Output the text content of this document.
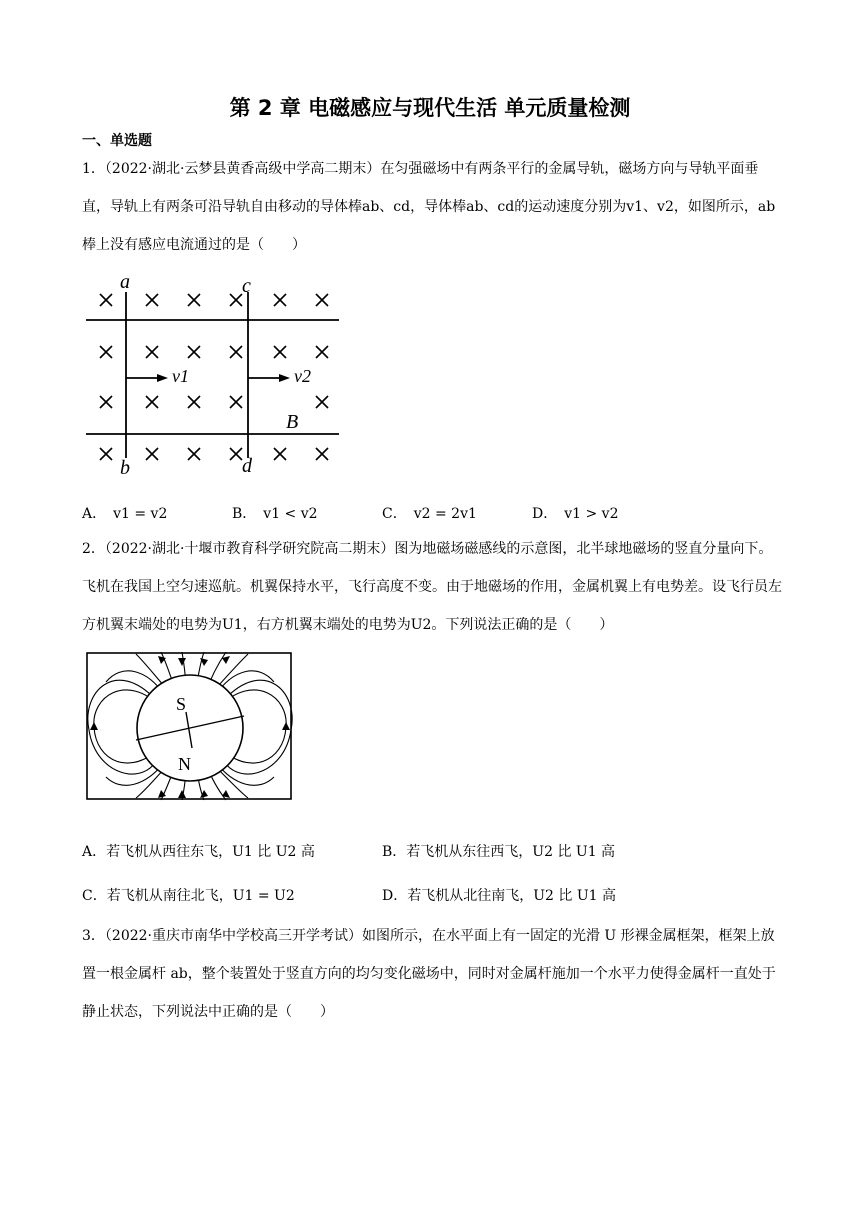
第 2 章 电磁感应与现代生活 单元质量检测
一、单选题
1．（2022·湖北·云梦县黄香高级中学高二期末）在匀强磁场中有两条平行的金属导轨，磁场方向与导轨平面垂直，导轨上有两条可沿导轨自由移动的导体棒ab、cd，导体棒ab、cd的运动速度分别为v1、v2，如图所示，ab棒上没有感应电流通过的是（　　）
a
b
c
d
v1	v2
B
A．　v1 = v2	B．　v1 < v2	C．　v2 = 2v1	D．　v1 > v2
2．（2022·湖北·十堰市教育科学研究院高二期末）图为地磁场磁感线的示意图，北半球地磁场的竖直分量向下。飞机在我国上空匀速巡航。机翼保持水平，飞行高度不变。由于地磁场的作用，金属机翼上有电势差。设飞行员左方机翼末端处的电势为U1，右方机翼末端处的电势为U2。下列说法正确的是（　　）
S
N
A．若飞机从西往东飞，U1 比 U2 高	B．若飞机从东往西飞，U2 比 U1 高
C．若飞机从南往北飞，U1 = U2	D．若飞机从北往南飞，U2 比 U1 高
3．（2022·重庆市南华中学校高三开学考试）如图所示，在水平面上有一固定的光滑 U 形裸金属框架，框架上放置一根金属杆 ab，整个装置处于竖直方向的均匀变化磁场中，同时对金属杆施加一个水平力使得金属杆一直处于静止状态，下列说法中正确的是（　　）
